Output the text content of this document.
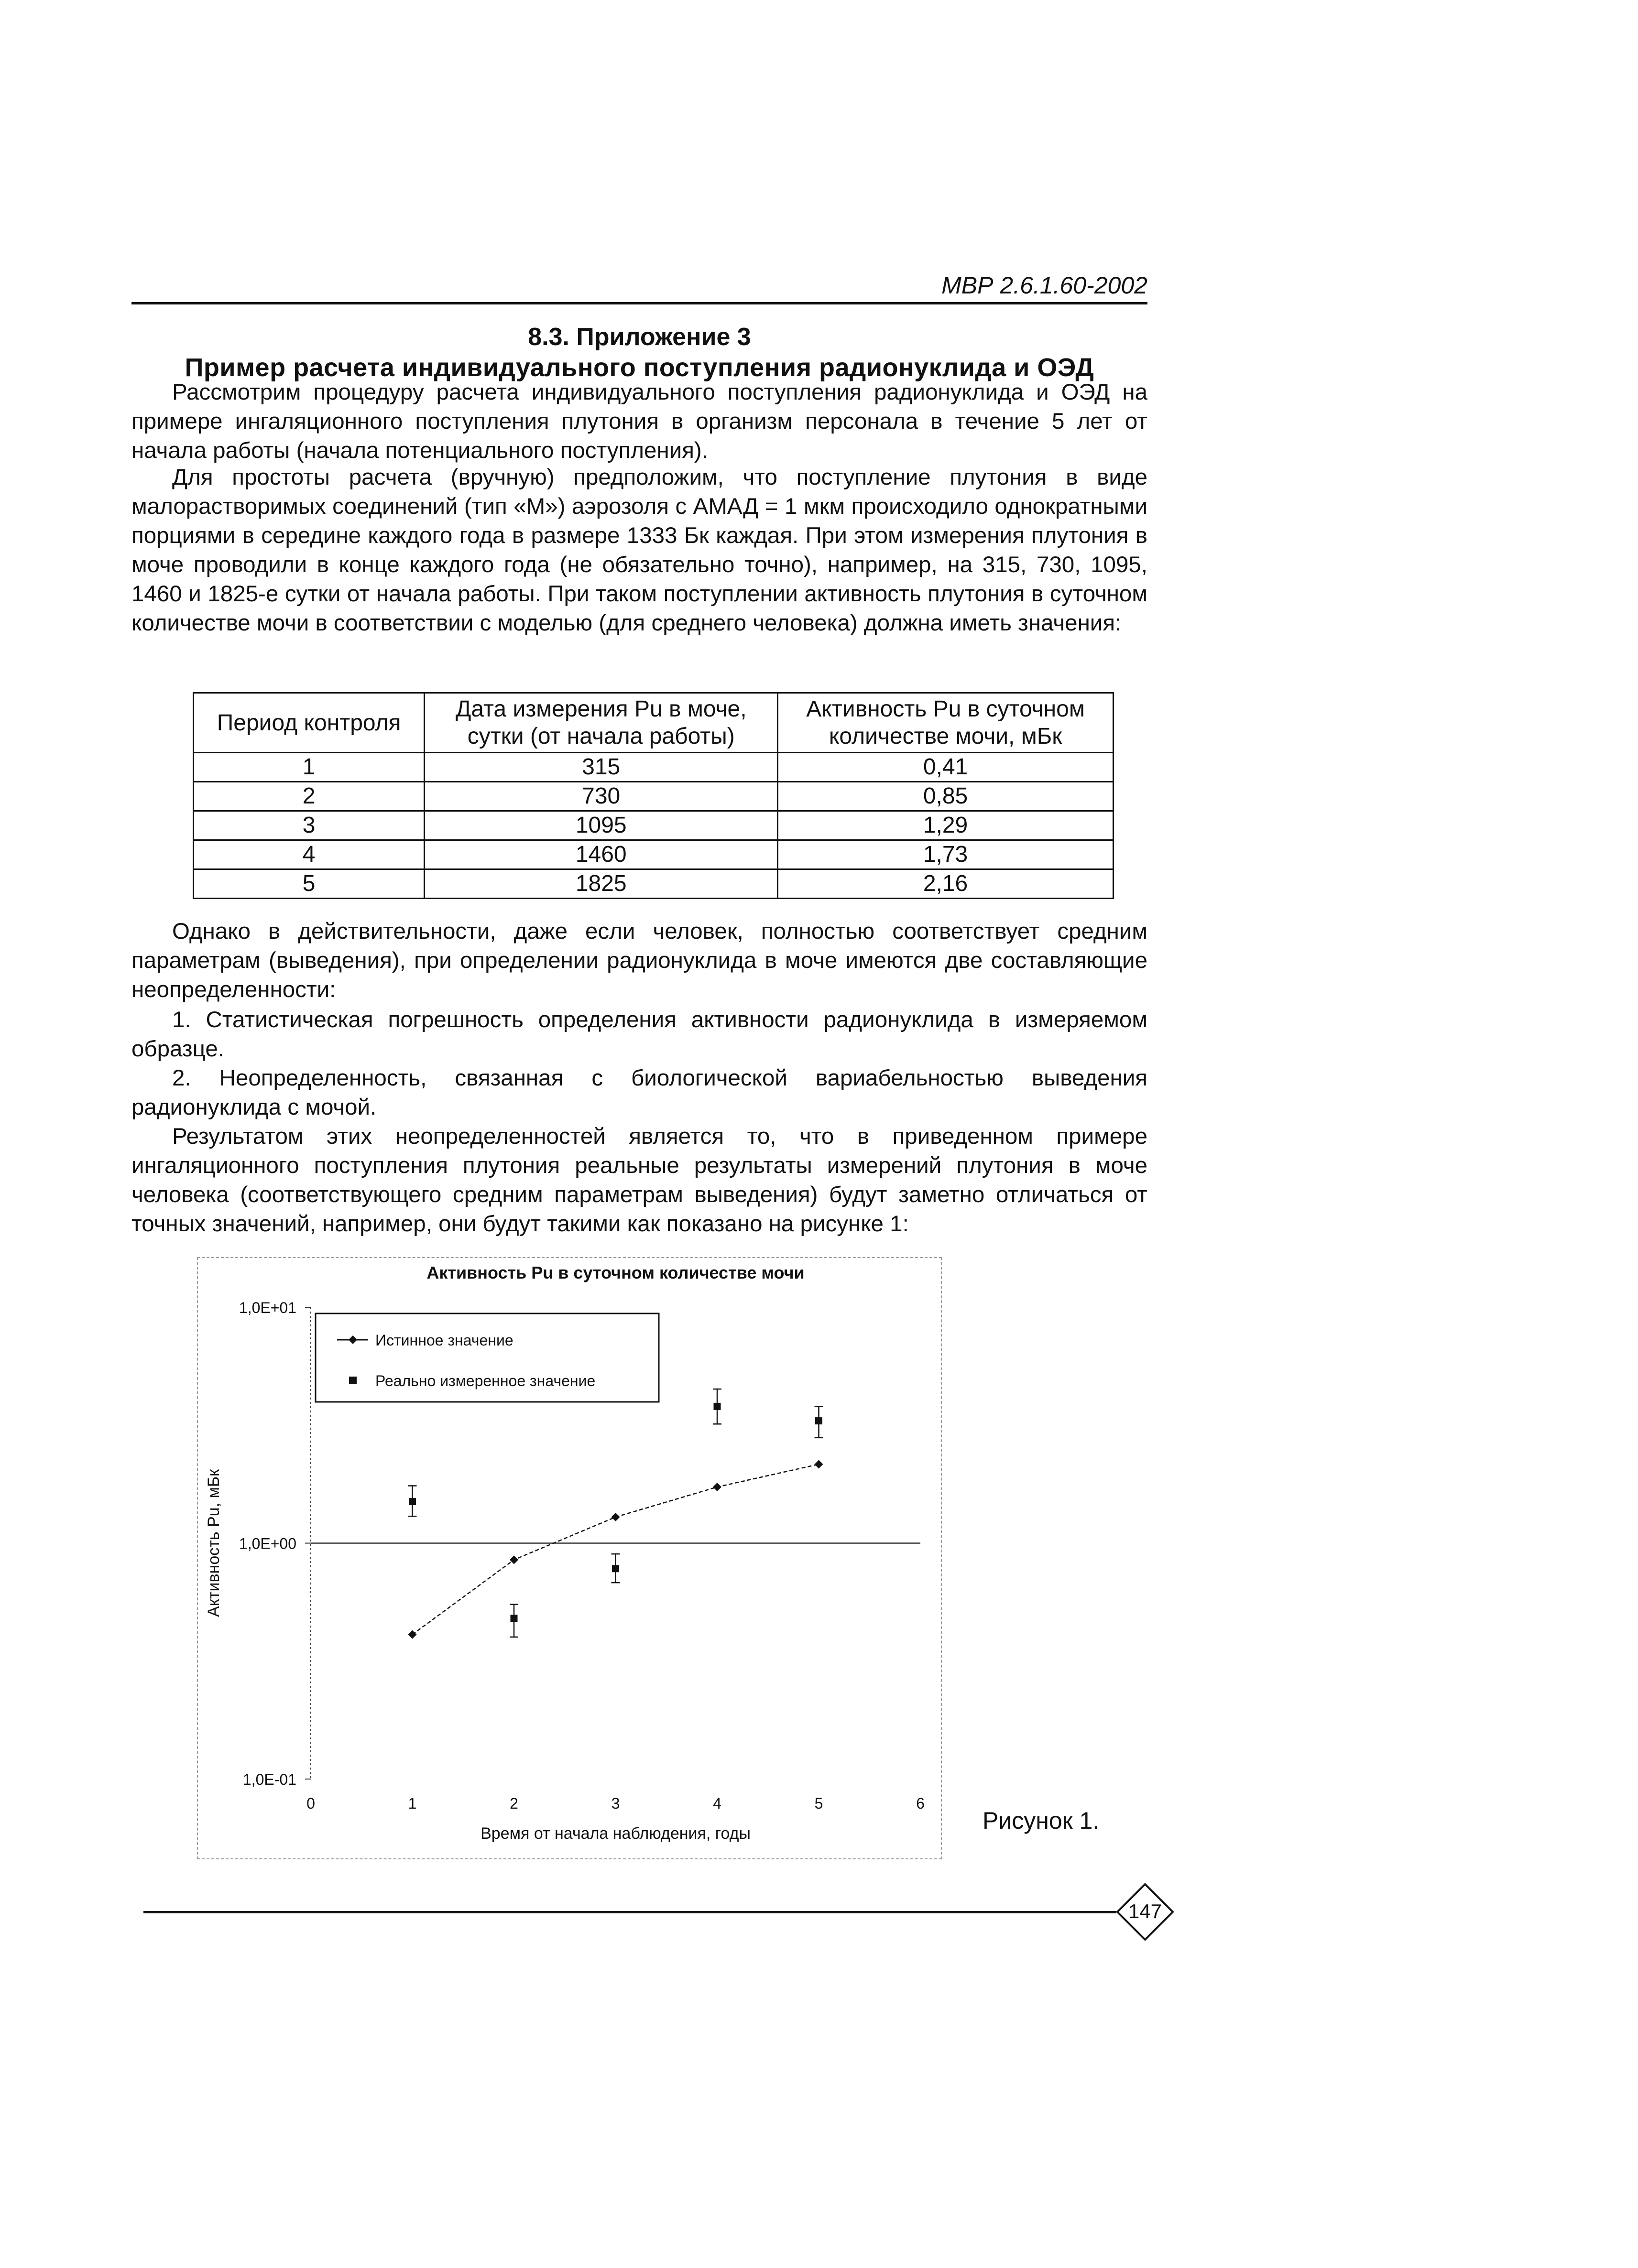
МВР 2.6.1.60-2002
8.3. Приложение 3
Пример расчета индивидуального поступления радионуклида и ОЭД

Рассмотрим процедуру расчета индивидуального поступления радионуклида и ОЭД на примере ингаляционного поступления плутония в организм персонала в течение 5 лет от начала работы (начала потенциального поступления).

Для простоты расчета (вручную) предположим, что поступление плутония в виде малорастворимых соединений (тип «М») аэрозоля с АМАД = 1 мкм происходило однократными порциями в середине каждого года в размере 1333 Бк каждая. При этом измерения плутония в моче проводили в конце каждого года (не обязательно точно), например, на 315, 730, 1095, 1460 и 1825-е сутки от начала работы. При таком поступлении активность плутония в суточном количестве мочи в соответствии с моделью (для среднего человека) должна иметь значения:

Период контроля	Дата измерения Pu в моче, сутки (от начала работы)	Активность Pu в суточном количестве мочи, мБк
1	315	0,41
2	730	0,85
3	1095	1,29
4	1460	1,73
5	1825	2,16

Однако в действительности, даже если человек, полностью соответствует средним параметрам (выведения), при определении радионуклида в моче имеются две составляющие неопределенности:

1. Статистическая погрешность определения активности радионуклида в измеряемом образце.

2. Неопределенность, связанная с биологической вариабельностью выведения радионуклида с мочой.

Результатом этих неопределенностей является то, что в приведенном примере ингаляционного поступления плутония реальные результаты измерений плутония в моче человека (соответствующего средним параметрам выведения) будут заметно отличаться от точных значений, например, они будут такими как показано на рисунке 1:

Активность Pu в суточном количестве мочи
1,0E+01
1,0E+00
1,0E-01
0	1	2	3	4	5	6
Время от начала наблюдения, годы
Активность Pu, мБк
Истинное значение
Реально измеренное значение
Рисунок 1.
147
